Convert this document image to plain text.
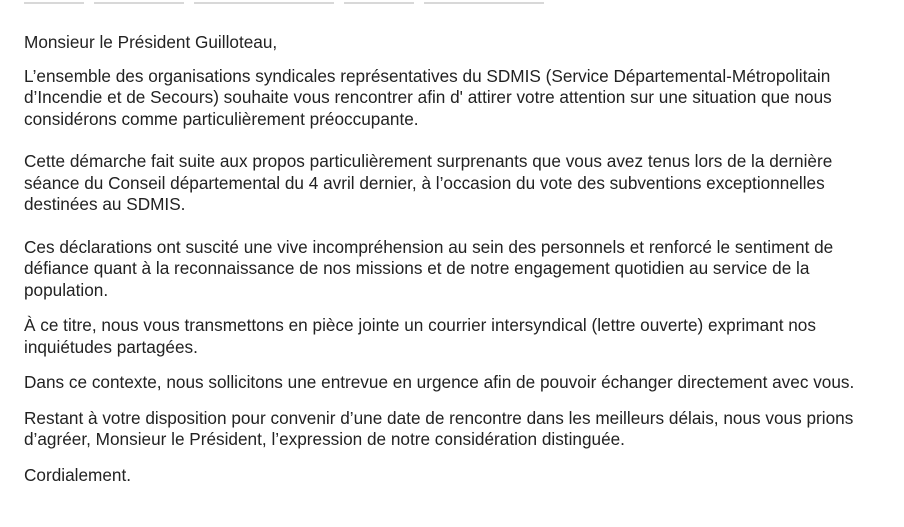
Monsieur le Président Guilloteau,

L’ensemble des organisations syndicales représentatives du SDMIS (Service Départemental-Métropolitain d’Incendie et de Secours) souhaite vous rencontrer afin d' attirer votre attention sur une situation que nous considérons comme particulièrement préoccupante.

Cette démarche fait suite aux propos particulièrement surprenants que vous avez tenus lors de la dernière séance du Conseil départemental du 4 avril dernier, à l’occasion du vote des subventions exceptionnelles destinées au SDMIS.

Ces déclarations ont suscité une vive incompréhension au sein des personnels et renforcé le sentiment de défiance quant à la reconnaissance de nos missions et de notre engagement quotidien au service de la population.

À ce titre, nous vous transmettons en pièce jointe un courrier intersyndical (lettre ouverte) exprimant nos inquiétudes partagées.

Dans ce contexte, nous sollicitons une entrevue en urgence afin de pouvoir échanger directement avec vous.

Restant à votre disposition pour convenir d’une date de rencontre dans les meilleurs délais, nous vous prions d’agréer, Monsieur le Président, l’expression de notre considération distinguée.

Cordialement.
